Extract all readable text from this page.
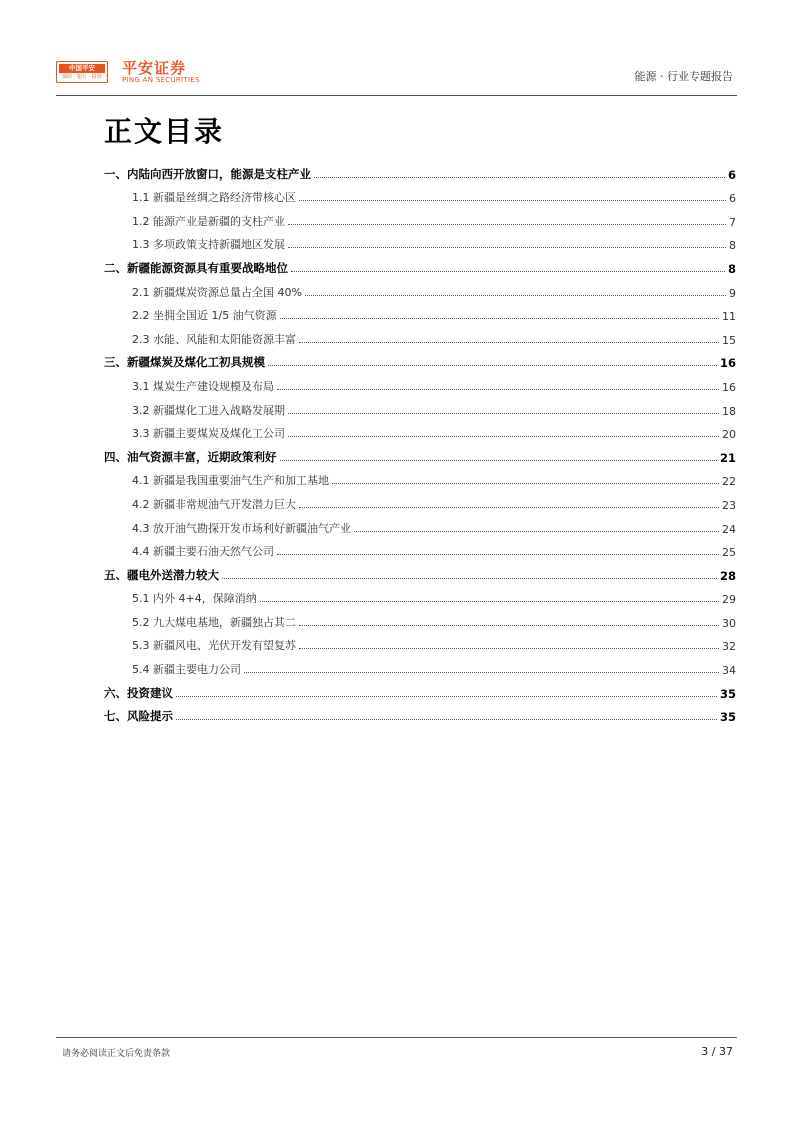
中国平安
保险 · 银行 · 投资 平安证券
PING AN SECURITIES	能源 · 行业专题报告
正文目录
一、内陆向西开放窗口，能源是支柱产业	6
1.1 新疆是丝绸之路经济带核心区	6
1.2 能源产业是新疆的支柱产业	7
1.3 多项政策支持新疆地区发展	8
二、新疆能源资源具有重要战略地位	8
2.1 新疆煤炭资源总量占全国 40%	9
2.2 坐拥全国近 1/5 油气资源	11
2.3 水能、风能和太阳能资源丰富	15
三、新疆煤炭及煤化工初具规模	16
3.1 煤炭生产建设规模及布局	16
3.2 新疆煤化工进入战略发展期	18
3.3 新疆主要煤炭及煤化工公司	20
四、油气资源丰富，近期政策利好	21
4.1 新疆是我国重要油气生产和加工基地	22
4.2 新疆非常规油气开发潜力巨大	23
4.3 放开油气勘探开发市场利好新疆油气产业	24
4.4 新疆主要石油天然气公司	25
五、疆电外送潜力较大	28
5.1 内外 4+4，保障消纳	29
5.2 九大煤电基地，新疆独占其二	30
5.3 新疆风电、光伏开发有望复苏	32
5.4 新疆主要电力公司	34
六、投资建议	35
七、风险提示	35
请务必阅读正文后免责条款	3 / 37
